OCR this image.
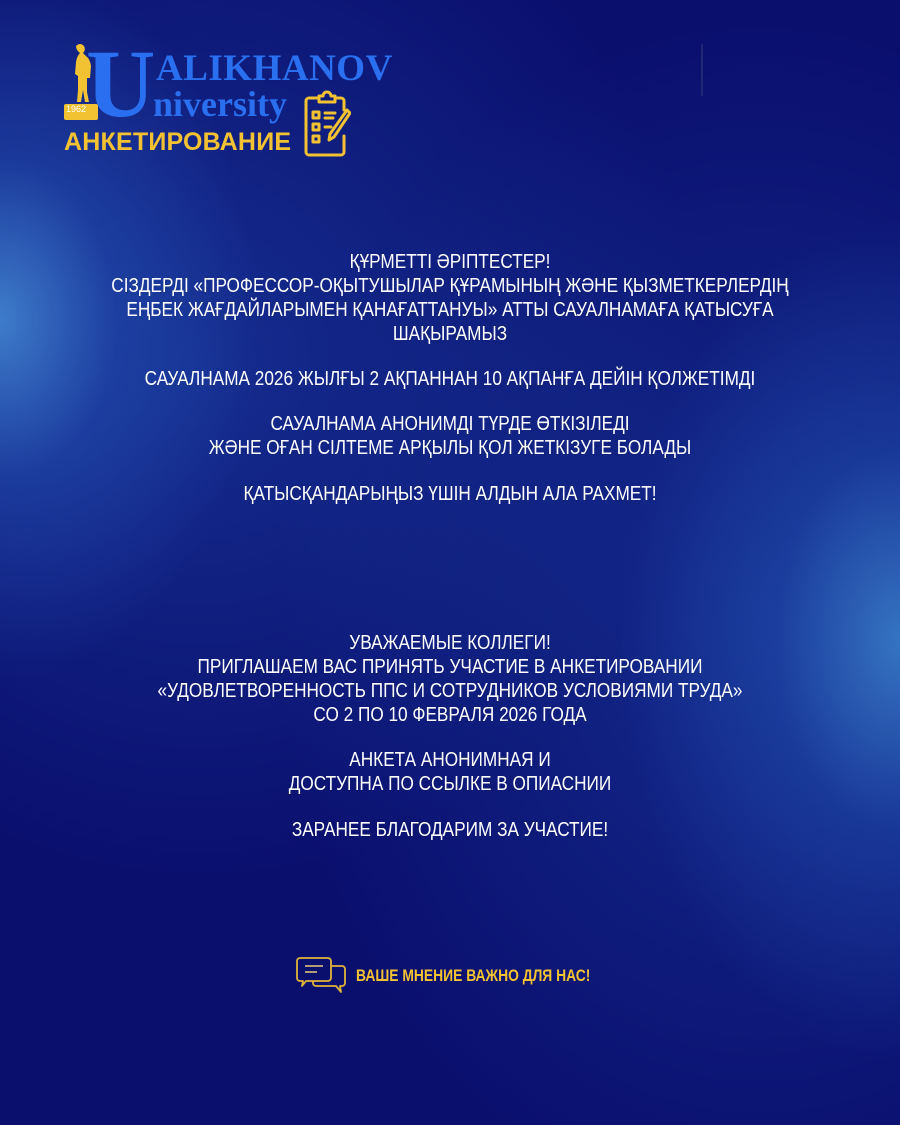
1962 U ALIKHANOV
niversity
АНКЕТИРОВАНИЕ
ҚҰРМЕТТІ ӘРІПТЕСТЕР!
СІЗДЕРДІ «ПРОФЕССОР-ОҚЫТУШЫЛАР ҚҰРАМЫНЫҢ ЖӘНЕ ҚЫЗМЕТКЕРЛЕРДІҢ
ЕҢБЕК ЖАҒДАЙЛАРЫМЕН ҚАНАҒАТТАНУЫ» АТТЫ САУАЛНАМАҒА ҚАТЫСУҒА
ШАҚЫРАМЫЗ
САУАЛНАМА 2026 ЖЫЛҒЫ 2 АҚПАННАН 10 АҚПАНҒА ДЕЙІН ҚОЛЖЕТІМДІ
САУАЛНАМА АНОНИМДІ ТҮРДЕ ӨТКІЗІЛЕДІ
ЖӘНЕ ОҒАН СІЛТЕМЕ АРҚЫЛЫ ҚОЛ ЖЕТКІЗУГЕ БОЛАДЫ
ҚАТЫСҚАНДАРЫҢЫЗ ҮШІН АЛДЫН АЛА РАХМЕТ!
УВАЖАЕМЫЕ КОЛЛЕГИ!
ПРИГЛАШАЕМ ВАС ПРИНЯТЬ УЧАСТИЕ В АНКЕТИРОВАНИИ
«УДОВЛЕТВОРЕННОСТЬ ППС И СОТРУДНИКОВ УСЛОВИЯМИ ТРУДА»
СО 2 ПО 10 ФЕВРАЛЯ 2026 ГОДА
АНКЕТА АНОНИМНАЯ И
ДОСТУПНА ПО ССЫЛКЕ В ОПИАСНИИ
ЗАРАНЕЕ БЛАГОДАРИМ ЗА УЧАСТИЕ!
ВАШЕ МНЕНИЕ ВАЖНО ДЛЯ НАС!
